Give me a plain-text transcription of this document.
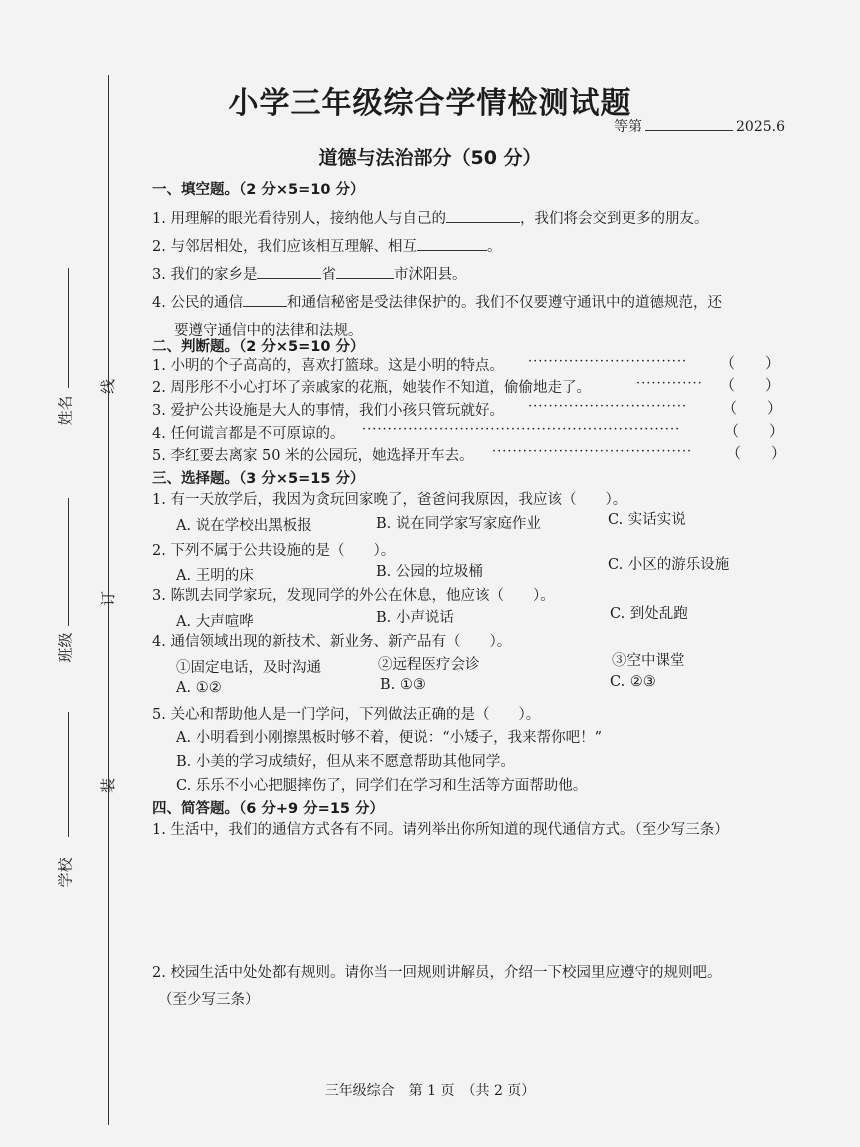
线
订
装
姓名
班级
学校
小学三年级综合学情检测试题
等第	2025.6
道德与法治部分（50 分）
一、填空题。（2 分×5=10 分）
1. 用理解的眼光看待别人，接纳他人与自己的	，我们将会交到更多的朋友。
2. 与邻居相处，我们应该相互理解、相互	。
3. 我们的家乡是	省	市沭阳县。
4. 公民的通信	和通信秘密是受法律保护的。我们不仅要遵守通讯中的道德规范，还
要遵守通信中的法律和法规。
二、判断题。（2 分×5=10 分）
1. 小明的个子高高的，喜欢打篮球。这是小明的特点。 ·······························	（　　）
2. 周彤彤不小心打坏了亲戚家的花瓶，她装作不知道，偷偷地走了。	·············	（　　）
3. 爱护公共设施是大人的事情，我们小孩只管玩就好。 ·······························	（　　）
4. 任何谎言都是不可原谅的。 ······························································	（　　）
5. 李红要去离家 50 米的公园玩，她选择开车去。 ·······································	（　　）
三、选择题。（3 分×5=15 分）
1. 有一天放学后，我因为贪玩回家晚了，爸爸问我原因，我应该（　　）。
A. 说在学校出黑板报	B. 说在同学家写家庭作业	C. 实话实说
2. 下列不属于公共设施的是（　　）。
A. 王明的床	B. 公园的垃圾桶	C. 小区的游乐设施
3. 陈凯去同学家玩，发现同学的外公在休息，他应该（　　）。
A. 大声喧哗	B. 小声说话	C. 到处乱跑
4. 通信领域出现的新技术、新业务、新产品有（　　）。
①固定电话，及时沟通	②远程医疗会诊	③空中课堂
A. ①②	B. ①③	C. ②③
5. 关心和帮助他人是一门学问，下列做法正确的是（　　）。
A. 小明看到小刚擦黑板时够不着，便说：“小矮子，我来帮你吧！”
B. 小美的学习成绩好，但从来不愿意帮助其他同学。
C. 乐乐不小心把腿摔伤了，同学们在学习和生活等方面帮助他。
四、简答题。（6 分+9 分=15 分）
1. 生活中，我们的通信方式各有不同。请列举出你所知道的现代通信方式。（至少写三条）
2. 校园生活中处处都有规则。请你当一回规则讲解员，介绍一下校园里应遵守的规则吧。
（至少写三条）
三年级综合　第 1 页　（共 2 页）
